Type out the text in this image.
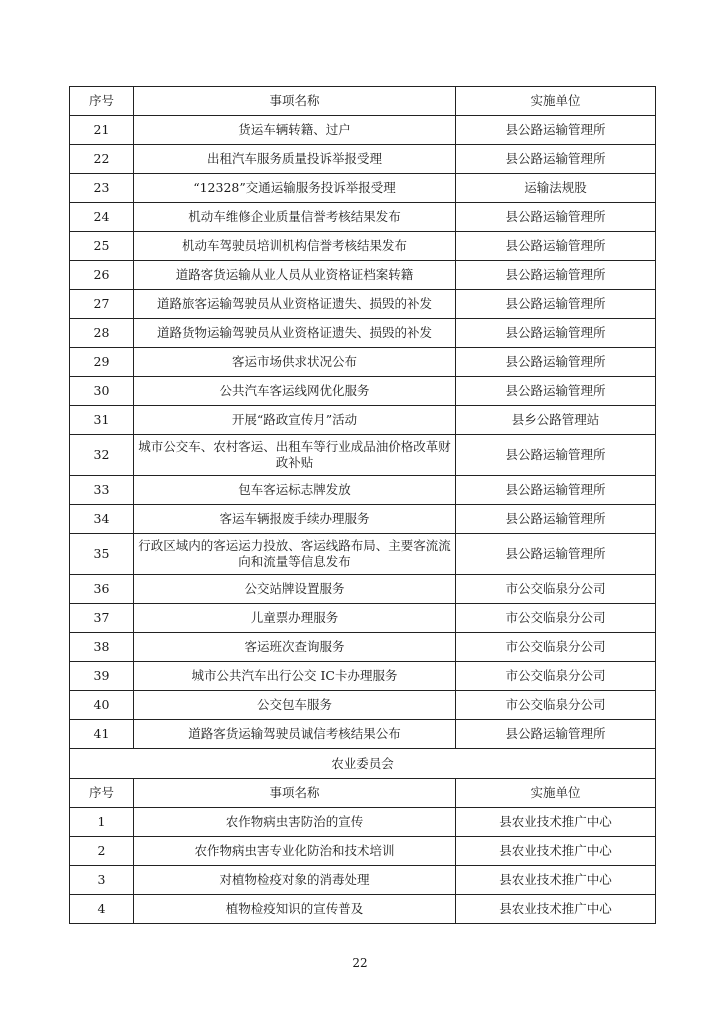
序号	事项名称	实施单位
21	货运车辆转籍、过户	县公路运输管理所
22	出租汽车服务质量投诉举报受理	县公路运输管理所
23	“12328”交通运输服务投诉举报受理	运输法规股
24	机动车维修企业质量信誉考核结果发布	县公路运输管理所
25	机动车驾驶员培训机构信誉考核结果发布	县公路运输管理所
26	道路客货运输从业人员从业资格证档案转籍	县公路运输管理所
27	道路旅客运输驾驶员从业资格证遗失、损毁的补发	县公路运输管理所
28	道路货物运输驾驶员从业资格证遗失、损毁的补发	县公路运输管理所
29	客运市场供求状况公布	县公路运输管理所
30	公共汽车客运线网优化服务	县公路运输管理所
31	开展“路政宣传月”活动	县乡公路管理站
32	城市公交车、农村客运、出租车等行业成品油价格改革财政补贴	县公路运输管理所
33	包车客运标志牌发放	县公路运输管理所
34	客运车辆报废手续办理服务	县公路运输管理所
35	行政区域内的客运运力投放、客运线路布局、主要客流流向和流量等信息发布	县公路运输管理所
36	公交站牌设置服务	市公交临泉分公司
37	儿童票办理服务	市公交临泉分公司
38	客运班次查询服务	市公交临泉分公司
39	城市公共汽车出行公交 IC卡办理服务	市公交临泉分公司
40	公交包车服务	市公交临泉分公司
41	道路客货运输驾驶员诚信考核结果公布	县公路运输管理所
农业委员会		
序号	事项名称	实施单位
1	农作物病虫害防治的宣传	县农业技术推广中心
2	农作物病虫害专业化防治和技术培训	县农业技术推广中心
3	对植物检疫对象的消毒处理	县农业技术推广中心
4	植物检疫知识的宣传普及	县农业技术推广中心
22
